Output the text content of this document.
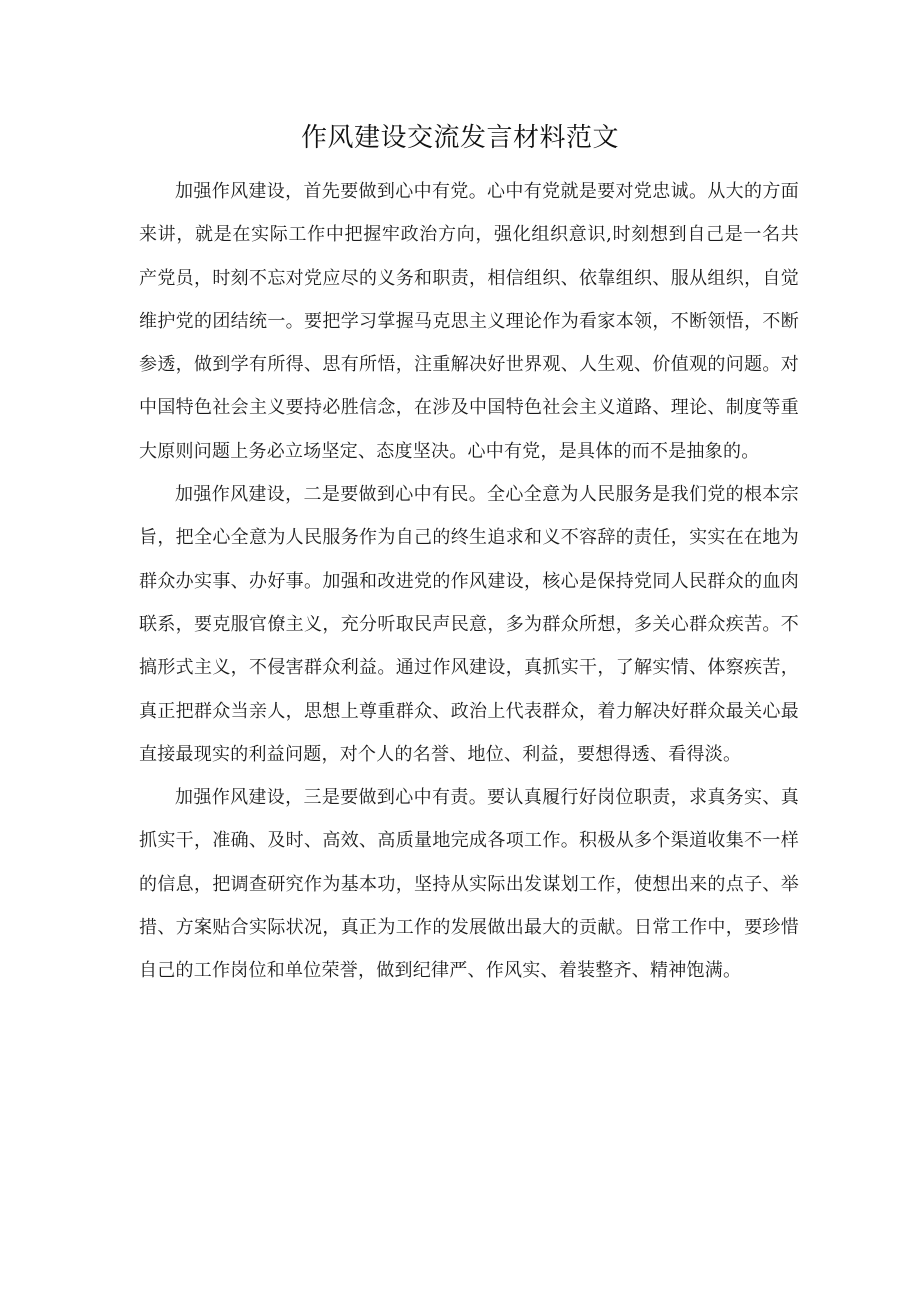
作风建设交流发言材料范文

加强作风建设，首先要做到心中有党。心中有党就是要对党忠诚。从大的方面来讲，就是在实际工作中把握牢政治方向，强化组织意识,时刻想到自己是一名共产党员，时刻不忘对党应尽的义务和职责，相信组织、依靠组织、服从组织，自觉维护党的团结统一。要把学习掌握马克思主义理论作为看家本领，不断领悟，不断参透，做到学有所得、思有所悟，注重解决好世界观、人生观、价值观的问题。对中国特色社会主义要持必胜信念，在涉及中国特色社会主义道路、理论、制度等重大原则问题上务必立场坚定、态度坚决。心中有党，是具体的而不是抽象的。

加强作风建设，二是要做到心中有民。全心全意为人民服务是我们党的根本宗旨，把全心全意为人民服务作为自己的终生追求和义不容辞的责任，实实在在地为群众办实事、办好事。加强和改进党的作风建设，核心是保持党同人民群众的血肉联系，要克服官僚主义，充分听取民声民意，多为群众所想，多关心群众疾苦。不搞形式主义，不侵害群众利益。通过作风建设，真抓实干，了解实情、体察疾苦，真正把群众当亲人，思想上尊重群众、政治上代表群众，着力解决好群众最关心最直接最现实的利益问题，对个人的名誉、地位、利益，要想得透、看得淡。

加强作风建设，三是要做到心中有责。要认真履行好岗位职责，求真务实、真抓实干，准确、及时、高效、高质量地完成各项工作。积极从多个渠道收集不一样的信息，把调查研究作为基本功，坚持从实际出发谋划工作，使想出来的点子、举措、方案贴合实际状况，真正为工作的发展做出最大的贡献。日常工作中，要珍惜自己的工作岗位和单位荣誉，做到纪律严、作风实、着装整齐、精神饱满。
